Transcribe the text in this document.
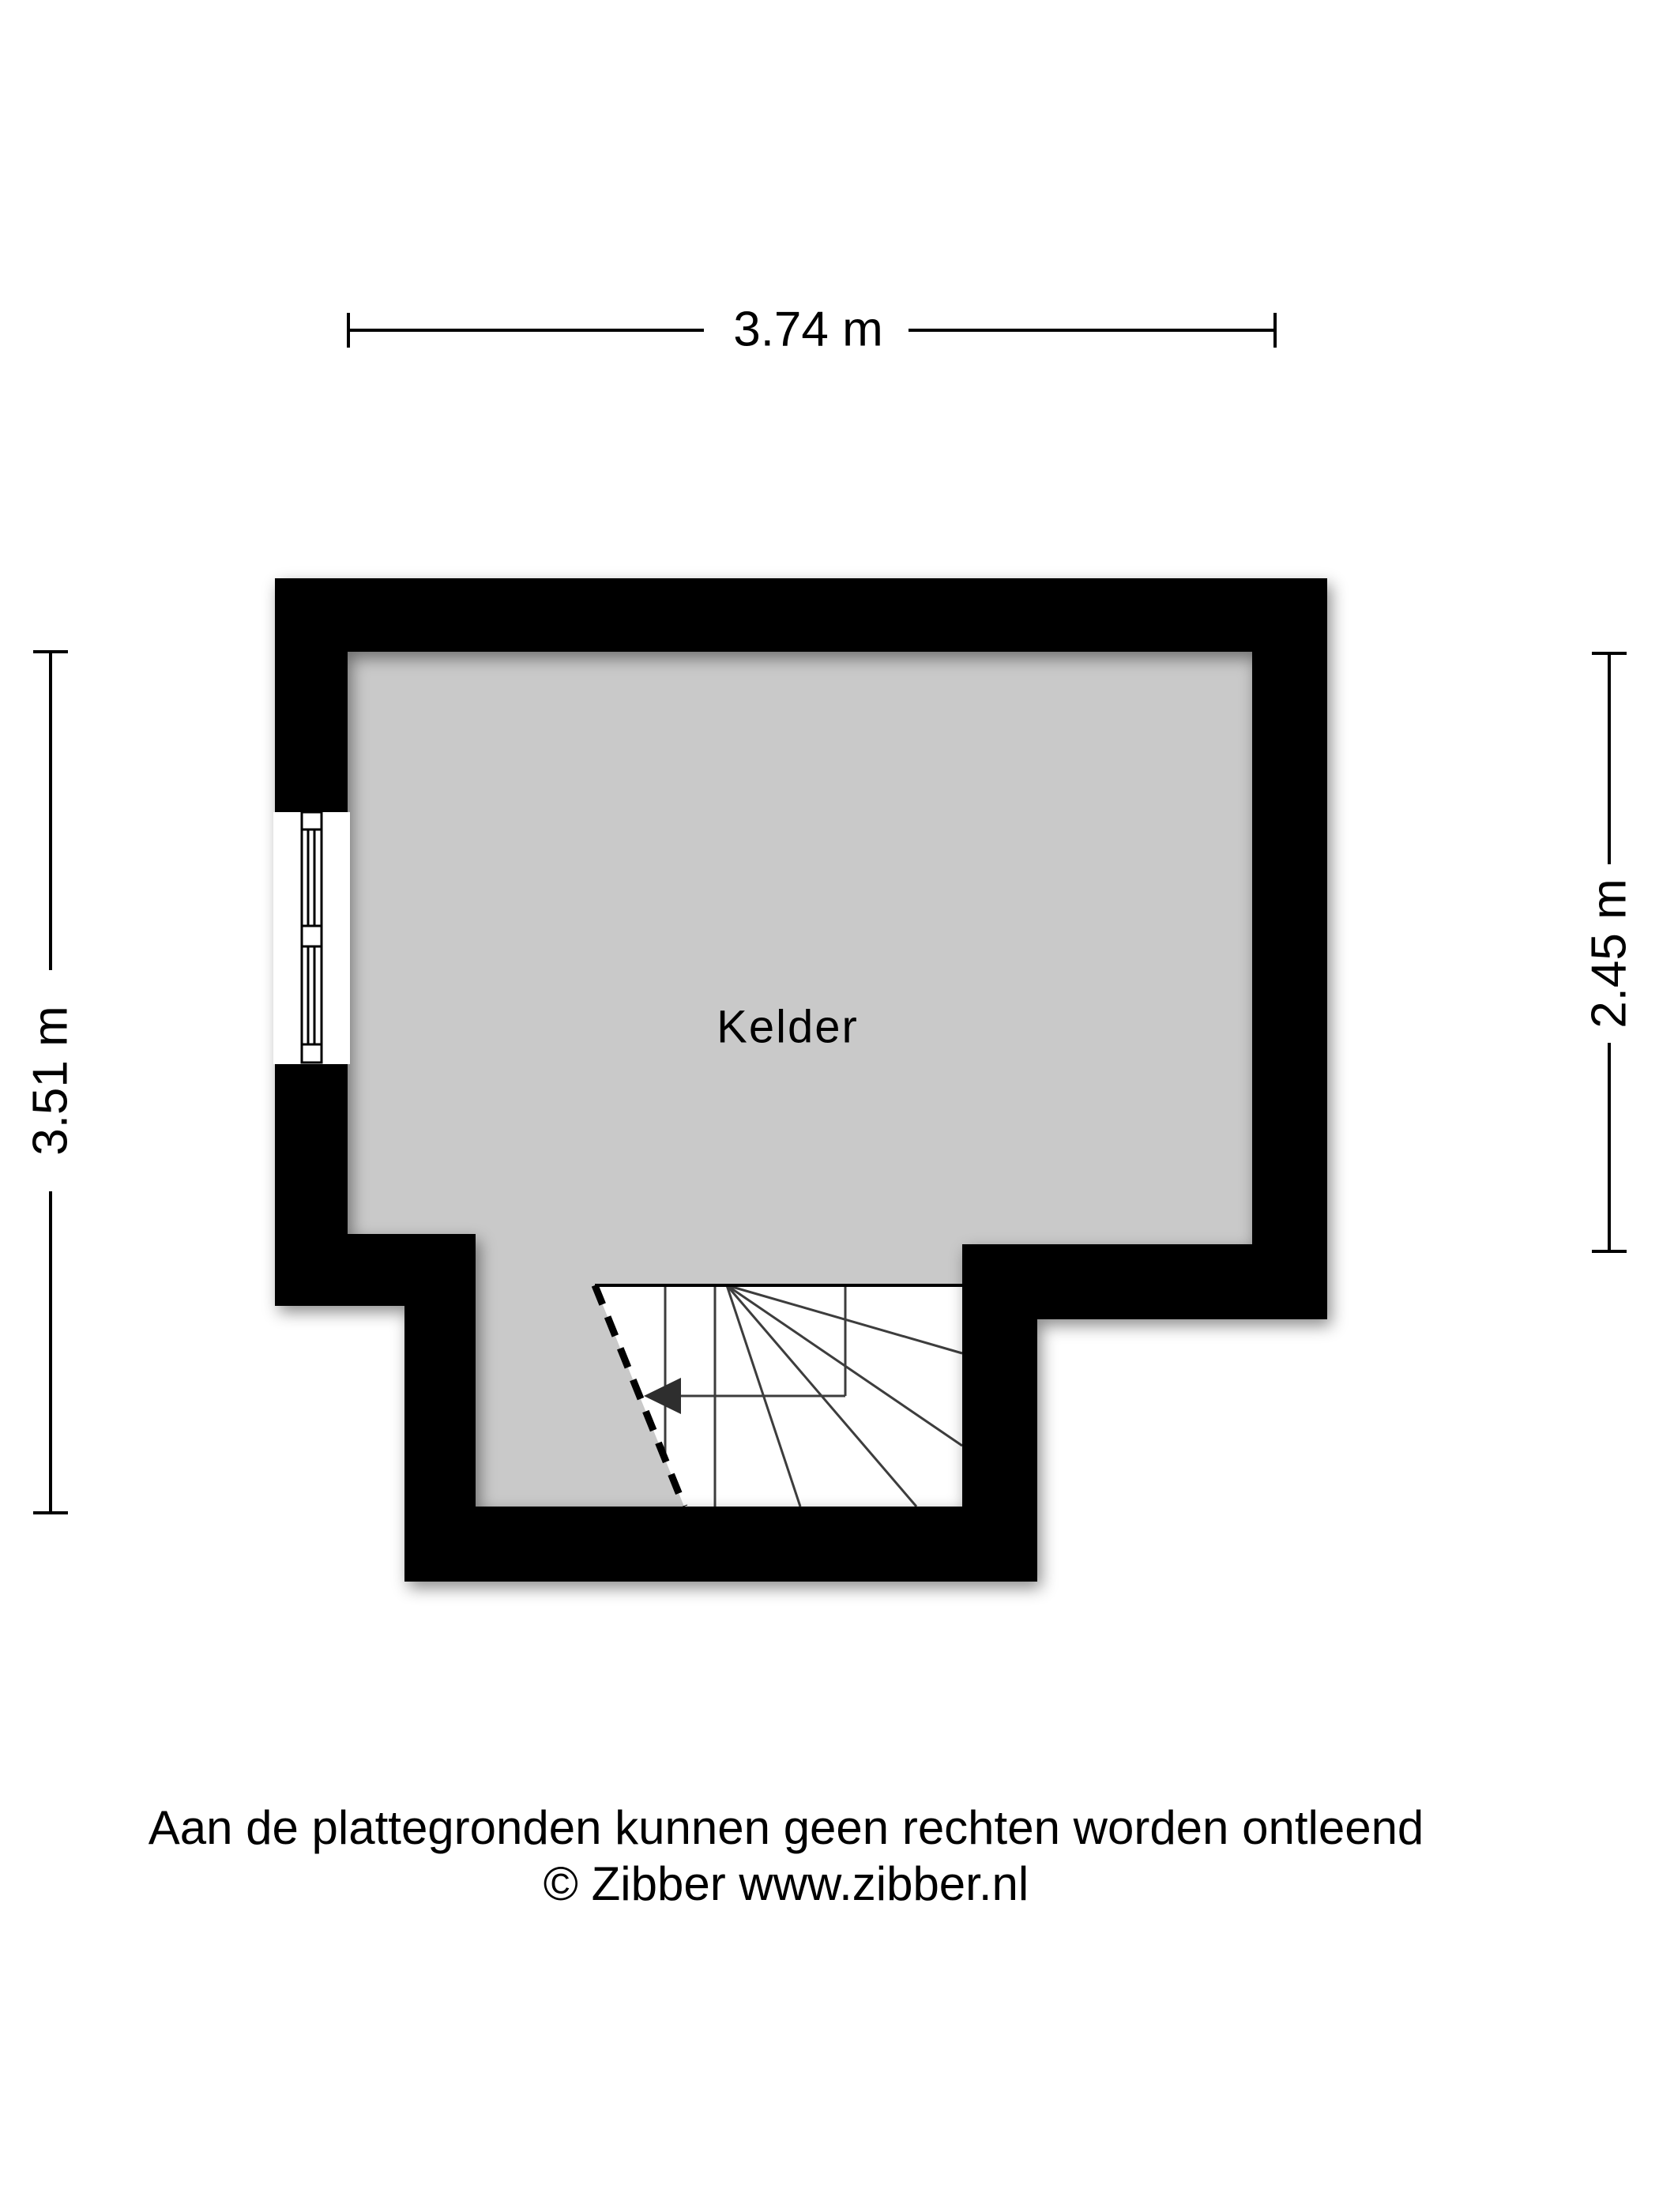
3.74 m
3.51 m
2.45 m
Kelder
Aan de plattegronden kunnen geen rechten worden ontleend
© Zibber www.zibber.nl
